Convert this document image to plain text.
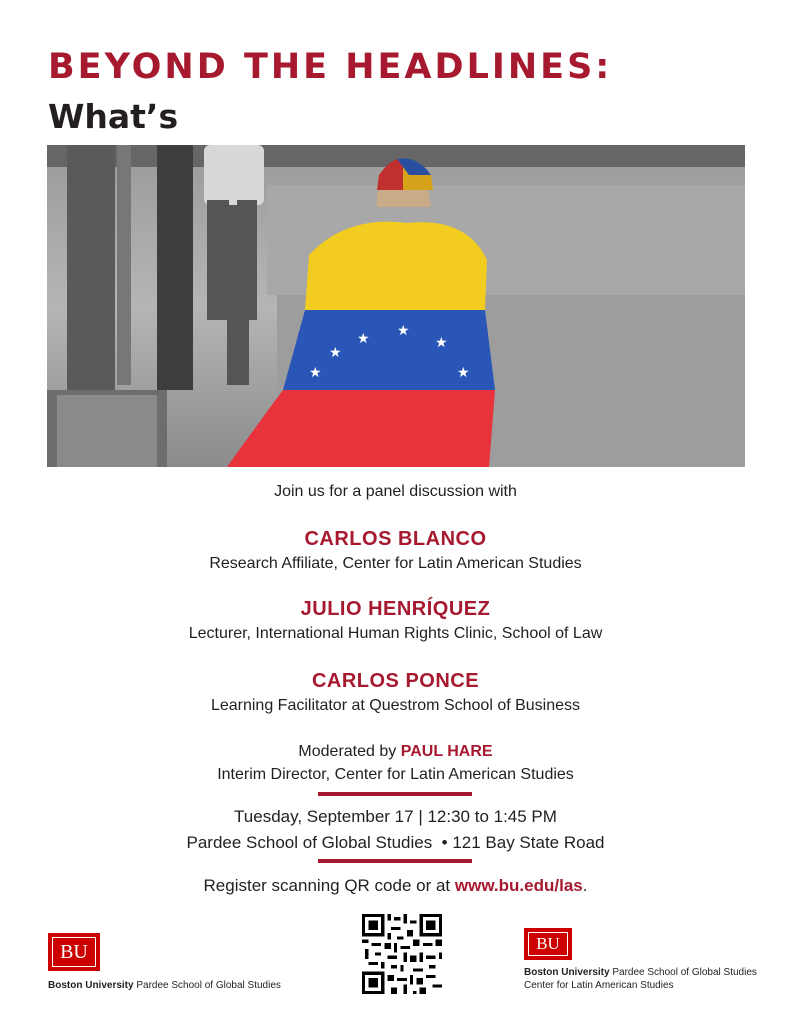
BEYOND THE HEADLINES: What’s
★
★
★ ★
★
★
Join us for a panel discussion with
CARLOS BLANCO
Research Affiliate, Center for Latin American Studies
JULIO HENRÍQUEZ
Lecturer, International Human Rights Clinic, School of Law
CARLOS PONCE
Learning Facilitator at Questrom School of Business
Moderated by PAUL HARE
Interim Director, Center for Latin American Studies
Tuesday, September 17 | 12:30 to 1:45 PM
Pardee School of Global Studies  • 121 Bay State Road
Register scanning QR code or at www.bu.edu/las.
BU
Boston University Pardee School of Global Studies
BU
Boston University Pardee School of Global Studies
Center for Latin American Studies
